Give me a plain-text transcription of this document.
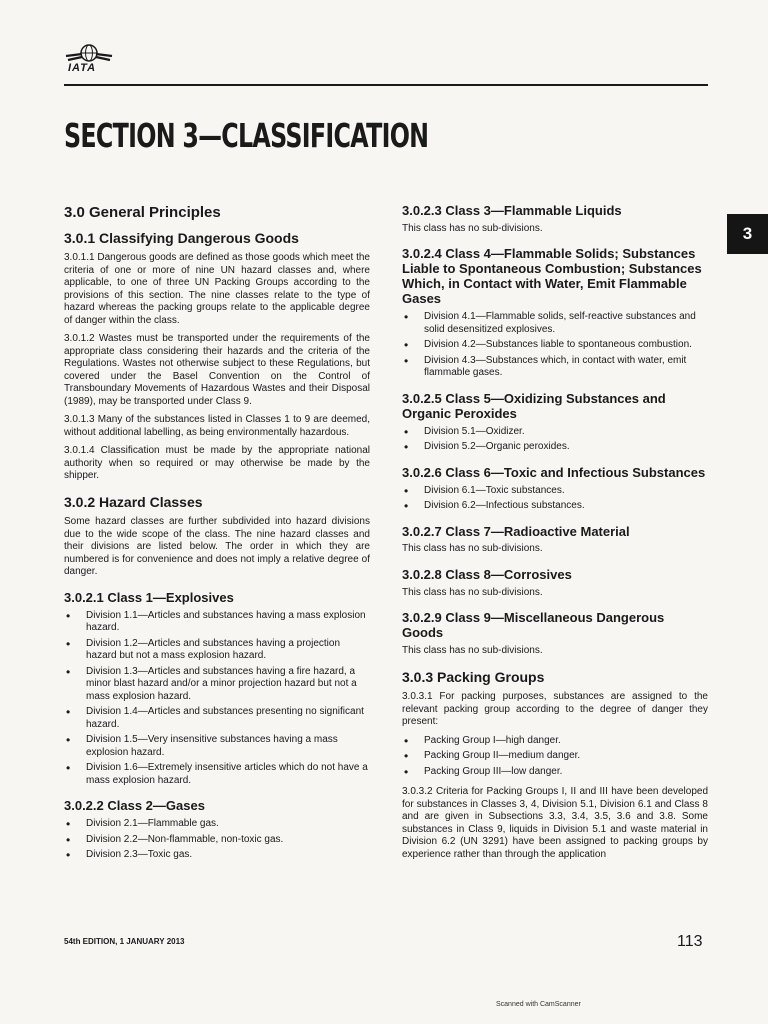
IATA
SECTION 3—CLASSIFICATION
3
3.0 General Principles
3.0.1 Classifying Dangerous Goods

3.0.1.1 Dangerous goods are defined as those goods which meet the criteria of one or more of nine UN hazard classes and, where applicable, to one of three UN Packing Groups according to the provisions of this section. The nine classes relate to the type of hazard whereas the packing groups relate to the applicable degree of danger within the class.

3.0.1.2 Wastes must be transported under the requirements of the appropriate class considering their hazards and the criteria of the Regulations. Wastes not otherwise subject to these Regulations, but covered under the Basel Convention on the Control of Transboundary Movements of Hazardous Wastes and their Disposal (1989), may be transported under Class 9.

3.0.1.3 Many of the substances listed in Classes 1 to 9 are deemed, without additional labelling, as being environmentally hazardous.

3.0.1.4 Classification must be made by the appropriate national authority when so required or may otherwise be made by the shipper.

3.0.2 Hazard Classes

Some hazard classes are further subdivided into hazard divisions due to the wide scope of the class. The nine hazard classes and their divisions are listed below. The order in which they are numbered is for convenience and does not imply a relative degree of danger.

3.0.2.1 Class 1—Explosives
• Division 1.1—Articles and substances having a mass explosion hazard.
• Division 1.2—Articles and substances having a projection hazard but not a mass explosion hazard.
• Division 1.3—Articles and substances having a fire hazard, a minor blast hazard and/or a minor projection hazard but not a mass explosion hazard.
• Division 1.4—Articles and substances presenting no significant hazard.
• Division 1.5—Very insensitive substances having a mass explosion hazard.
• Division 1.6—Extremely insensitive articles which do not have a mass explosion hazard.
3.0.2.2 Class 2—Gases
• Division 2.1—Flammable gas.
• Division 2.2—Non-flammable, non-toxic gas.
• Division 2.3—Toxic gas.
3.0.2.3 Class 3—Flammable Liquids

This class has no sub-divisions.

3.0.2.4 Class 4—Flammable Solids; Substances Liable to Spontaneous Combustion; Substances Which, in Contact with Water, Emit Flammable Gases
• Division 4.1—Flammable solids, self-reactive substances and solid desensitized explosives.
• Division 4.2—Substances liable to spontaneous combustion.
• Division 4.3—Substances which, in contact with water, emit flammable gases.
3.0.2.5 Class 5—Oxidizing Substances and Organic Peroxides
• Division 5.1—Oxidizer.
• Division 5.2—Organic peroxides.
3.0.2.6 Class 6—Toxic and Infectious Substances
• Division 6.1—Toxic substances.
• Division 6.2—Infectious substances.
3.0.2.7 Class 7—Radioactive Material

This class has no sub-divisions.

3.0.2.8 Class 8—Corrosives

This class has no sub-divisions.

3.0.2.9 Class 9—Miscellaneous Dangerous Goods

This class has no sub-divisions.

3.0.3 Packing Groups

3.0.3.1 For packing purposes, substances are assigned to the relevant packing group according to the degree of danger they present:

• Packing Group I—high danger.
• Packing Group II—medium danger.
• Packing Group III—low danger.

3.0.3.2 Criteria for Packing Groups I, II and III have been developed for substances in Classes 3, 4, Division 5.1, Division 6.1 and Class 8 and are given in Subsections 3.3, 3.4, 3.5, 3.6 and 3.8. Some substances in Class 9, liquids in Division 5.1 and waste material in Division 6.2 (UN 3291) have been assigned to packing groups by experience rather than through the application

54th EDITION, 1 JANUARY 2013	113
Scanned with CamScanner
